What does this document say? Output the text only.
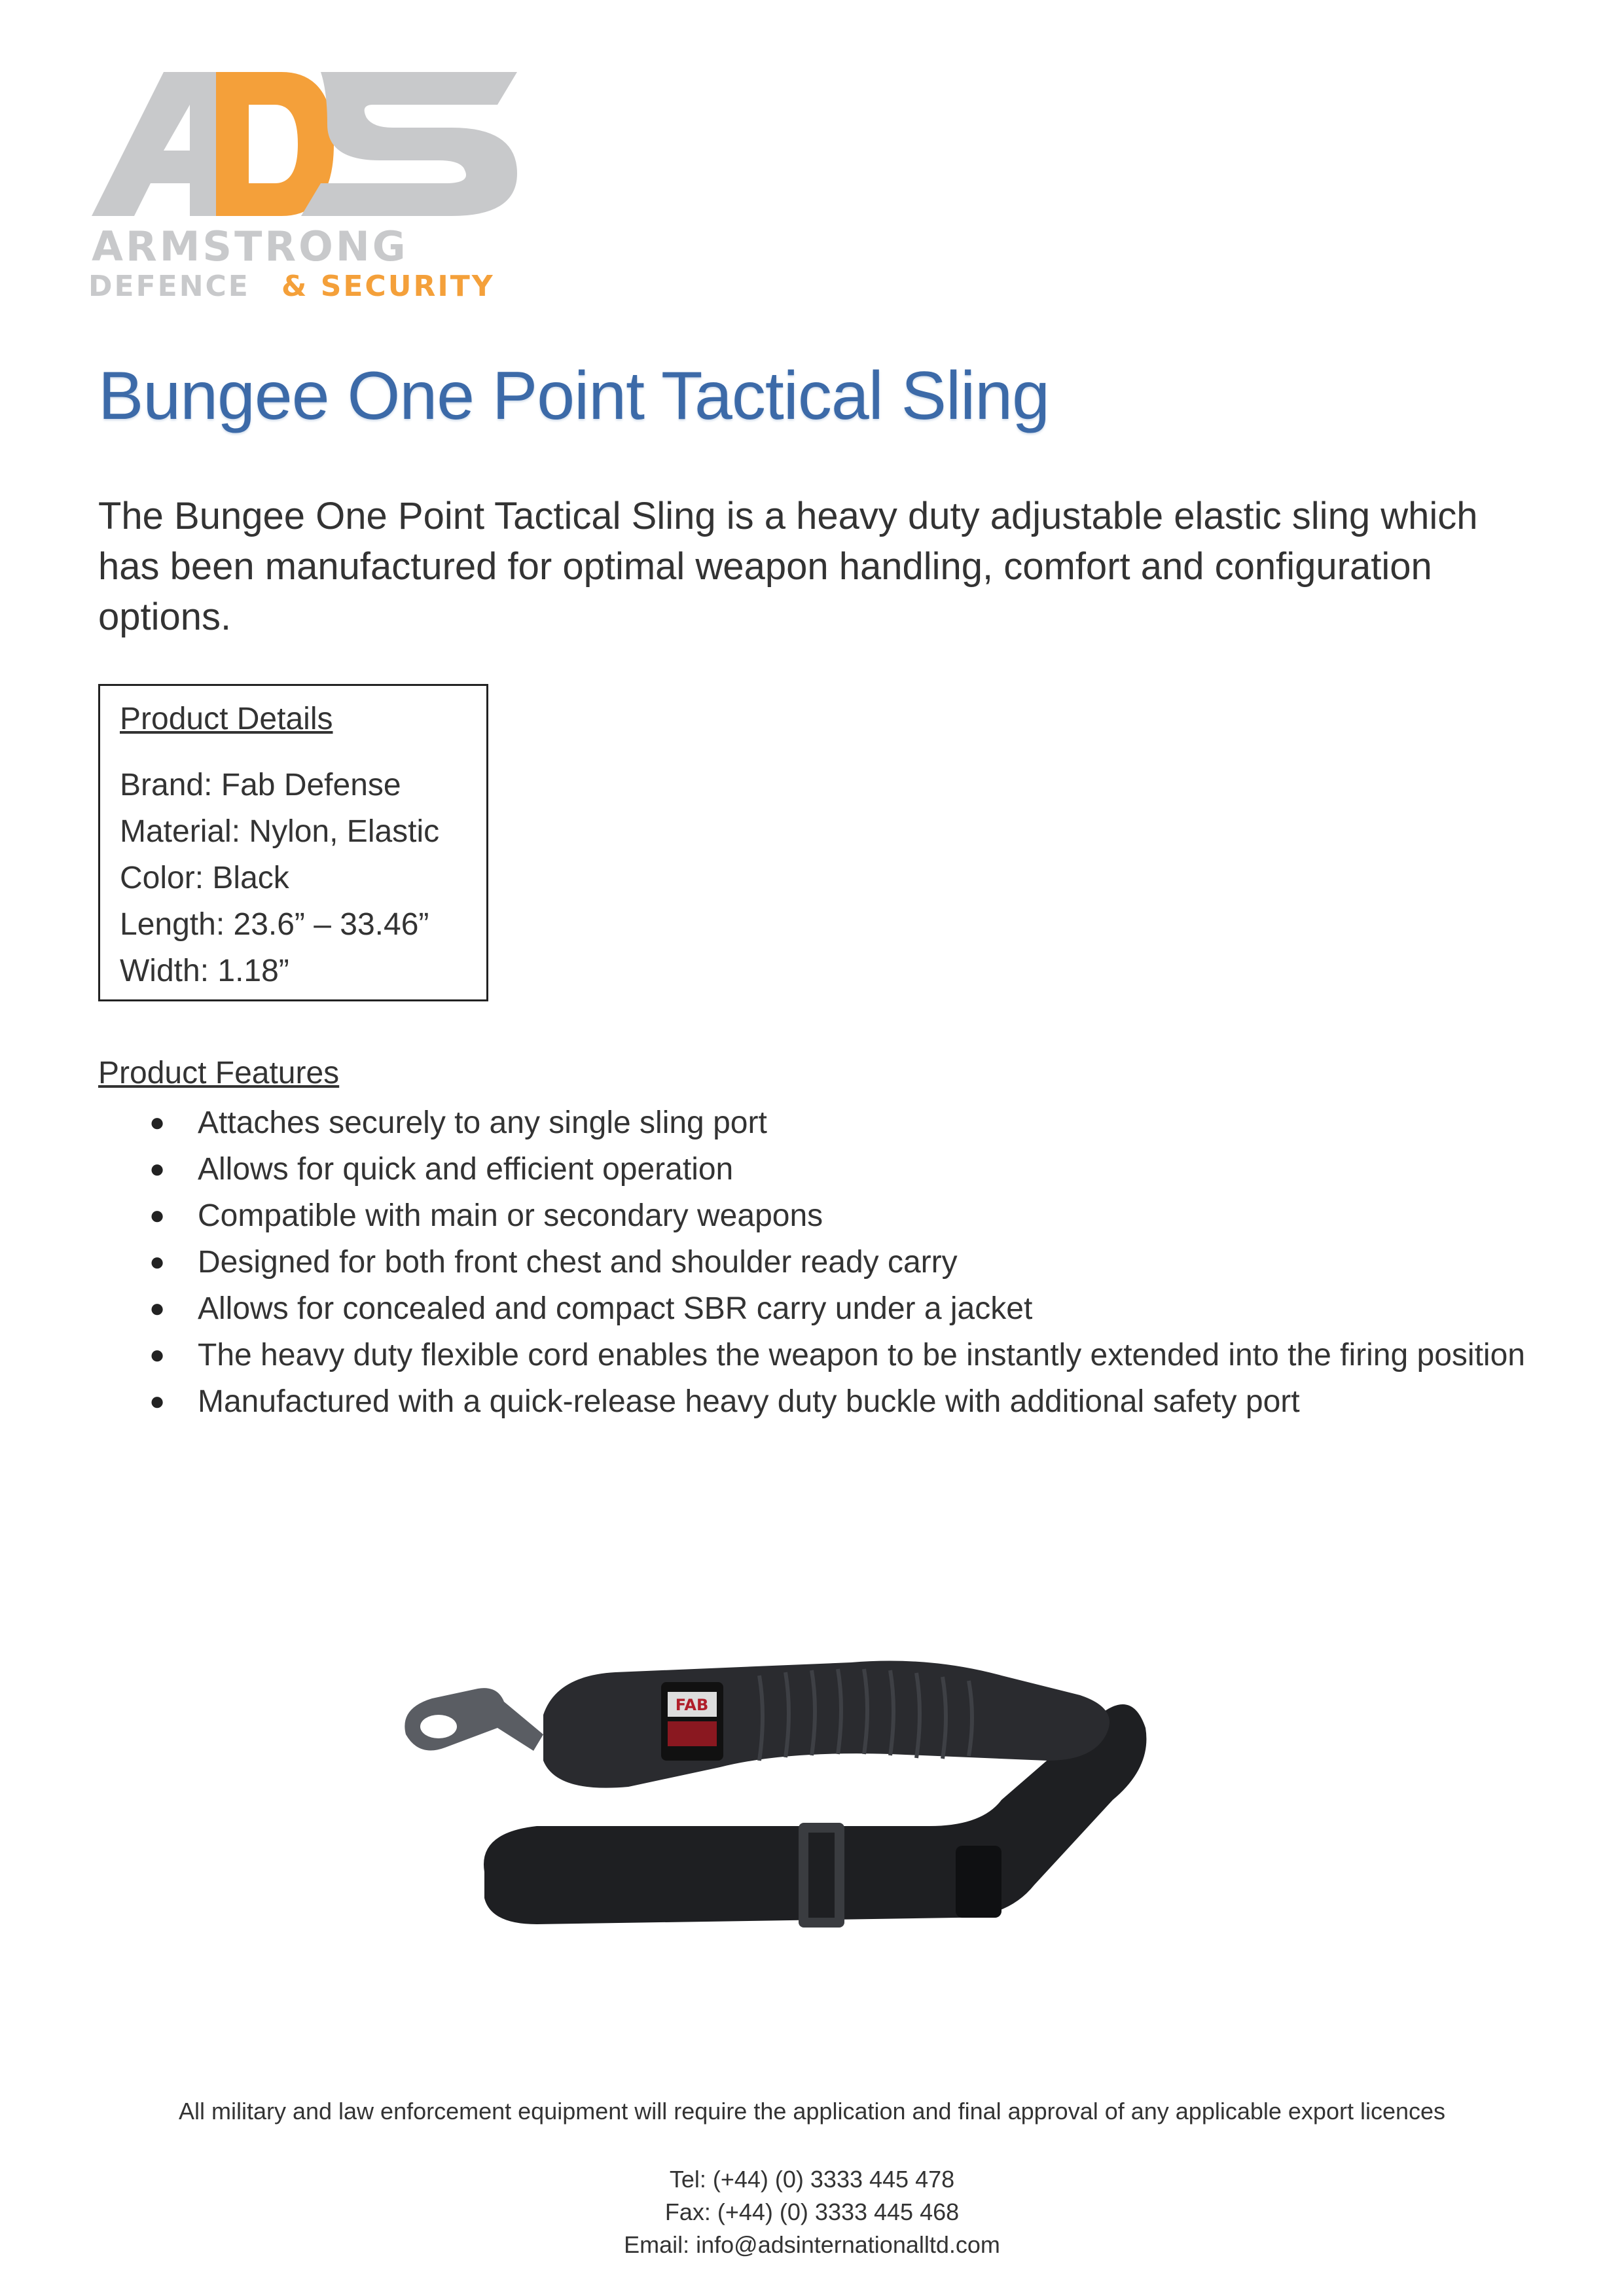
ARMSTRONG
DEFENCE & SECURITY
Bungee One Point Tactical Sling
The Bungee One Point Tactical Sling is a heavy duty adjustable elastic sling which has been manufactured for optimal weapon handling, comfort and configuration options.
Product Details
Brand: Fab Defense
Material: Nylon, Elastic
Color: Black
Length: 23.6” – 33.46”
Width: 1.18”
Product Features
● Attaches securely to any single sling port
● Allows for quick and efficient operation
● Compatible with main or secondary weapons
● Designed for both front chest and shoulder ready carry
● Allows for concealed and compact SBR carry under a jacket
● The heavy duty flexible cord enables the weapon to be instantly extended into the firing position
● Manufactured with a quick-release heavy duty buckle with additional safety port
FAB
All military and law enforcement equipment will require the application and final approval of any applicable export licences
Tel: (+44) (0) 3333 445 478
Fax: (+44) (0) 3333 445 468
Email: info@adsinternationalltd.com
